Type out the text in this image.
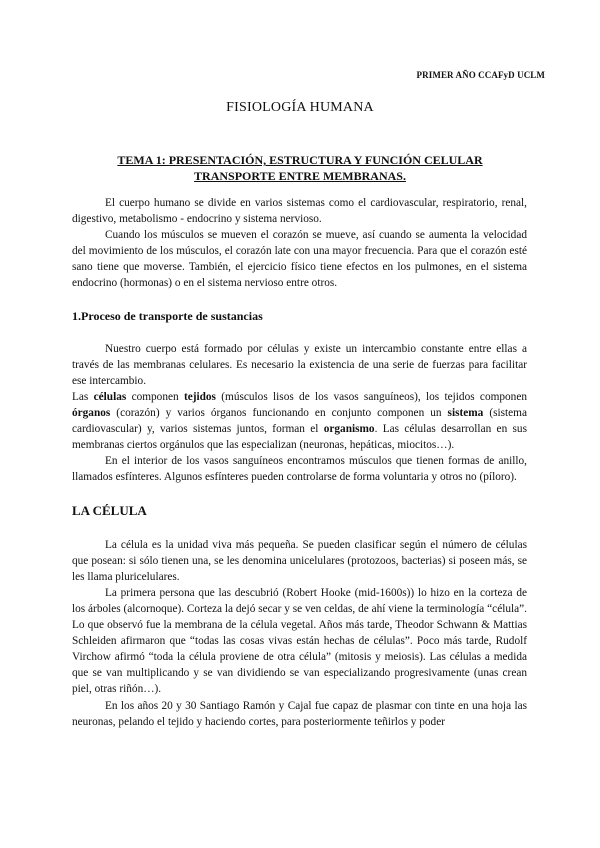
PRIMER AÑO CCAFyD UCLM
FISIOLOGÍA HUMANA
TEMA 1: PRESENTACIÓN, ESTRUCTURA Y FUNCIÓN CELULAR
TRANSPORTE ENTRE MEMBRANAS.

El cuerpo humano se divide en varios sistemas como el cardiovascular, respiratorio, renal, digestivo, metabolismo - endocrino y sistema nervioso.

Cuando los músculos se mueven el corazón se mueve, así cuando se aumenta la velocidad del movimiento de los músculos, el corazón late con una mayor frecuencia. Para que el corazón esté sano tiene que moverse. También, el ejercicio físico tiene efectos en los pulmones, en el sistema endocrino (hormonas) o en el sistema nervioso entre otros.

1.Proceso de transporte de sustancias

Nuestro cuerpo está formado por células y existe un intercambio constante entre ellas a través de las membranas celulares. Es necesario la existencia de una serie de fuerzas para facilitar ese intercambio.

Las células componen tejidos (músculos lisos de los vasos sanguíneos), los tejidos componen órganos (corazón) y varios órganos funcionando en conjunto componen un sistema (sistema cardiovascular) y, varios sistemas juntos, forman el organismo. Las células desarrollan en sus membranas ciertos orgánulos que las especializan (neuronas, hepáticas, miocitos…).

En el interior de los vasos sanguíneos encontramos músculos que tienen formas de anillo, llamados esfínteres. Algunos esfínteres pueden controlarse de forma voluntaria y otros no (píloro).

LA CÉLULA

La célula es la unidad viva más pequeña. Se pueden clasificar según el número de células que posean: si sólo tienen una, se les denomina unicelulares (protozoos, bacterias) si poseen más, se les llama pluricelulares.

La primera persona que las descubrió (Robert Hooke (mid-1600s)) lo hizo en la corteza de los árboles (alcornoque). Corteza la dejó secar y se ven celdas, de ahí viene la terminología “célula”. Lo que observó fue la membrana de la célula vegetal. Años más tarde, Theodor Schwann & Mattias Schleiden afirmaron que “todas las cosas vivas están hechas de células”. Poco más tarde, Rudolf Virchow afirmó “toda la célula proviene de otra célula” (mitosis y meiosis). Las células a medida que se van multiplicando y se van dividiendo se van especializando progresivamente (unas crean piel, otras riñón…).

En los años 20 y 30 Santiago Ramón y Cajal fue capaz de plasmar con tinte en una hoja las neuronas, pelando el tejido y haciendo cortes, para posteriormente teñirlos y poder
